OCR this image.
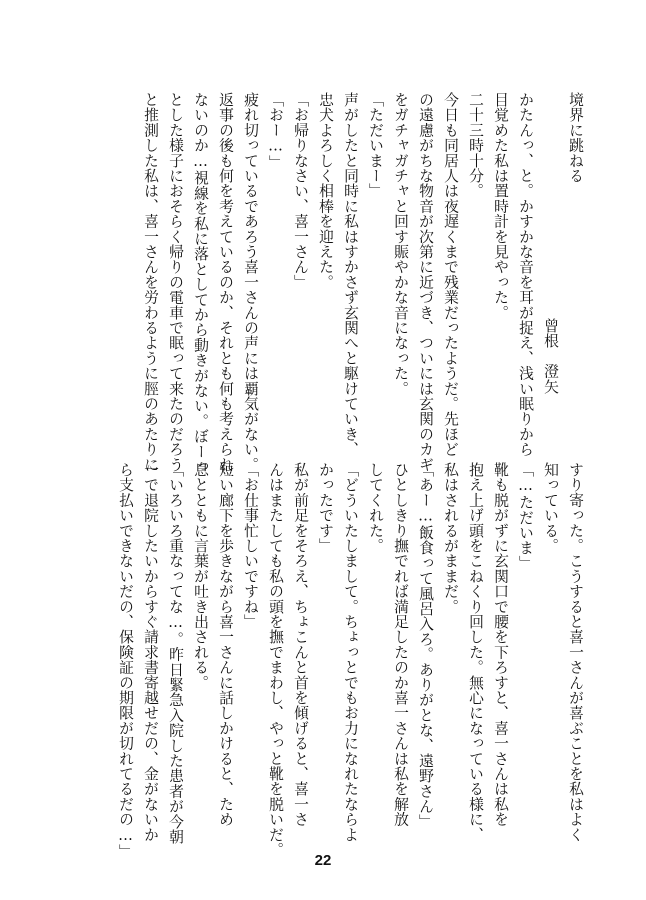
境界に跳ねる
曾根　澄矢

かたんっ、と。かすかな音を耳が捉え、浅い眠りから

目覚めた私は置時計を見やった。

二十三時十分。

今日も同居人は夜遅くまで残業だったようだ。先ほど

の遠慮がちな物音が次第に近づき、ついには玄関のカギ

をガチャガチャと回す賑やかな音になった。

「ただいまー」

声がしたと同時に私はすかさず玄関へと駆けていき、

忠犬よろしく相棒を迎えた。

「お帰りなさい、喜一さん」

「おー…」

疲れ切っているであろう喜一さんの声には覇気がない。

返事の後も何を考えているのか、それとも何も考えられ

ないのか…視線を私に落としてから動きがない。ぼーっ

とした様子におそらく帰りの電車で眠って来たのだろう

と推測した私は、喜一さんを労わるように脛のあたりに

すり寄った。こうすると喜一さんが喜ぶことを私はよく

知っている。

「…ただいま」

靴も脱がずに玄関口で腰を下ろすと、喜一さんは私を

抱え上げ頭をこねくり回した。無心になっている様に、

私はされるがままだ。

「あー…飯食って風呂入ろ。ありがとな、遠野さん」

ひとしきり撫でれば満足したのか喜一さんは私を解放

してくれた。

「どういたしまして。ちょっとでもお力になれたならよ

かったです」

私が前足をそろえ、ちょこんと首を傾げると、喜一さ

んはまたしても私の頭を撫でまわし、やっと靴を脱いだ。

「お仕事忙しいですね」

短い廊下を歩きながら喜一さんに話しかけると、ため

息とともに言葉が吐き出される。

「いろいろ重なってな…。昨日緊急入院した患者が今朝

一で退院したいからすぐ請求書寄越せだの、金がないか

ら支払いできないだの、保険証の期限が切れてるだの…」

22
